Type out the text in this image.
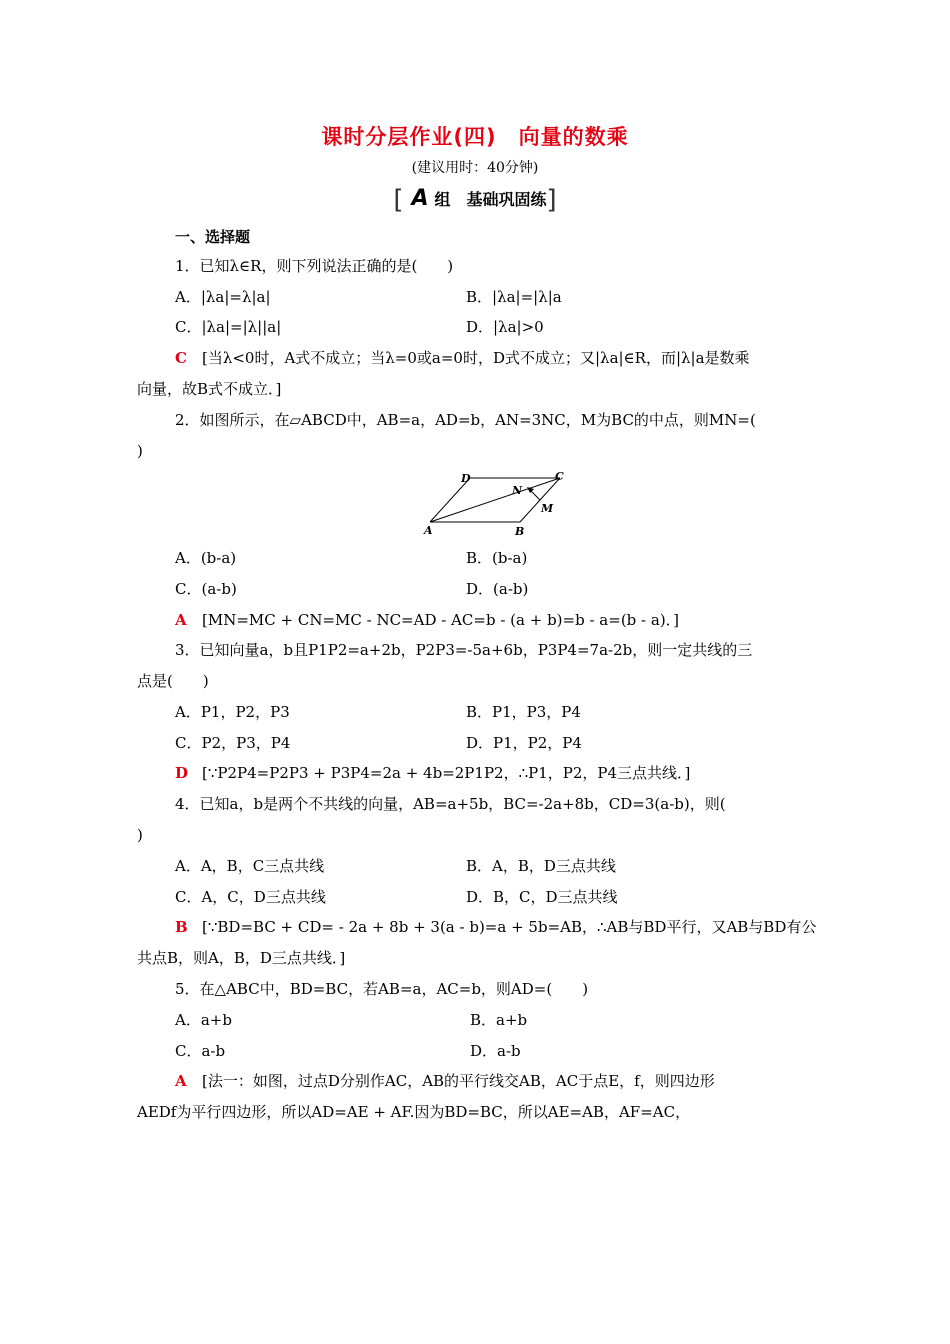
课时分层作业(四)　向量的数乘
(建议用时：40分钟)
[ A 组　基础巩固练]
一、选择题
1．已知λ∈R，则下列说法正确的是(　　)
A．|λa|=λ|a|	B．|λa|=|λ|a
C．|λa|=|λ||a|	D．|λa|>0
C [当λ<0时，A式不成立；当λ=0或a=0时，D式不成立；又|λa|∈R，而|λ|a是数乘
向量，故B式不成立．]
2．如图所示，在▱ABCD中，AB=a，AD=b，AN=3NC，M为BC的中点，则MN=(
)
A	B
C
D
N
M
A．(b-a)	B．(b-a)
C．(a-b)	D．(a-b)
A [MN=MC + CN=MC - NC=AD - AC=b - (a + b)=b - a=(b - a)．]
3．已知向量a，b且P1P2=a+2b，P2P3=-5a+6b，P3P4=7a-2b，则一定共线的三
点是(　　)
A．P1，P2，P3	B．P1，P3，P4
C．P2，P3，P4	D．P1，P2，P4
D [∵P2P4=P2P3 + P3P4=2a + 4b=2P1P2，∴P1，P2，P4三点共线．]
4．已知a，b是两个不共线的向量，AB=a+5b，BC=-2a+8b，CD=3(a-b)，则(
)
A．A，B，C三点共线	B．A，B，D三点共线
C．A，C，D三点共线	D．B，C，D三点共线
B [∵BD=BC + CD= - 2a + 8b + 3(a - b)=a + 5b=AB，∴AB与BD平行，又AB与BD有公
共点B，则A，B，D三点共线．]
5．在△ABC中，BD=BC，若AB=a，AC=b，则AD=(　　)
A．a+b	B．a+b
C．a-b	D．a-b
A [法一：如图，过点D分别作AC，AB的平行线交AB，AC于点E，f，则四边形
AEDf为平行四边形，所以AD=AE + AF.因为BD=BC，所以AE=AB，AF=AC，
